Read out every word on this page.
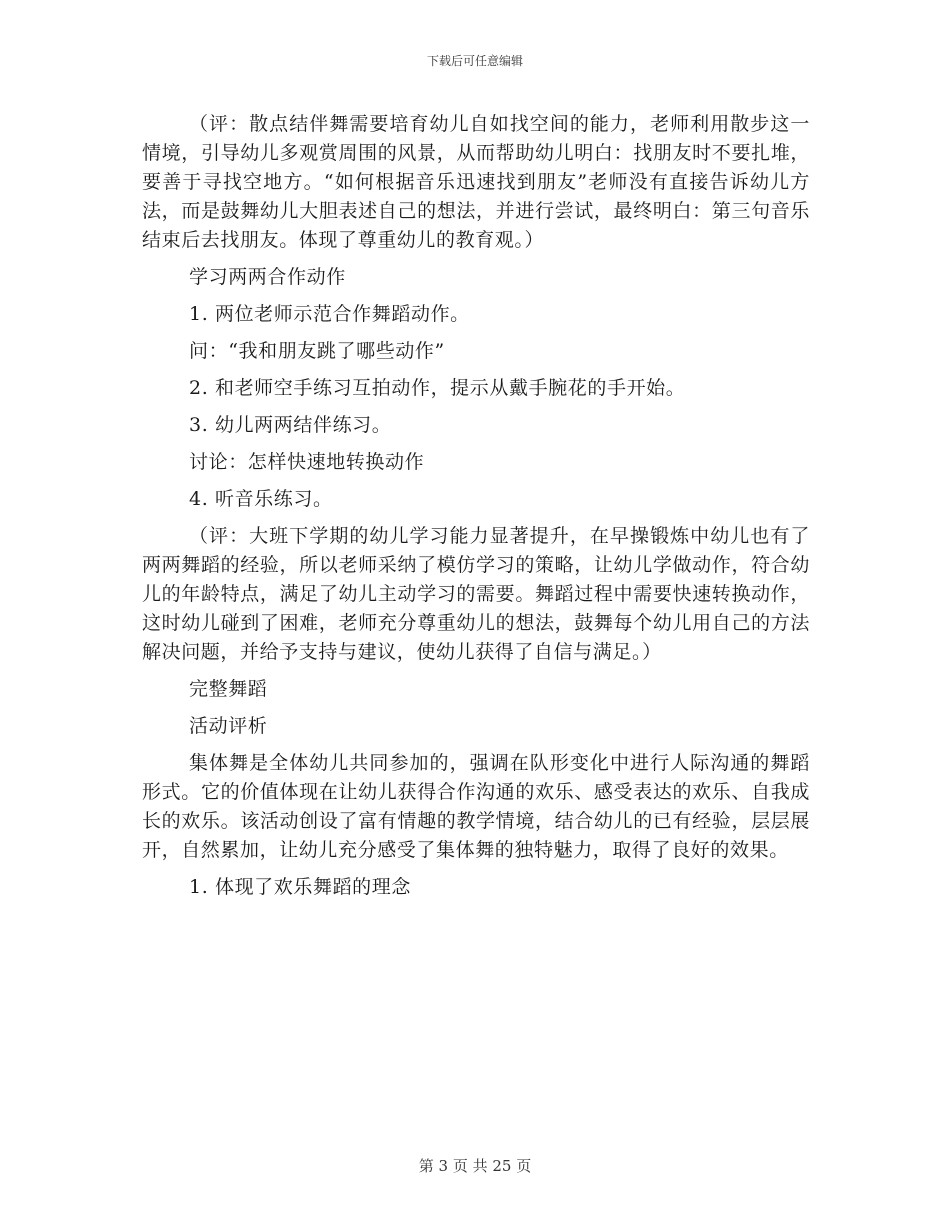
下载后可任意编辑

（评：散点结伴舞需要培育幼儿自如找空间的能力，老师利用散步这一情境，引导幼儿多观赏周围的风景，从而帮助幼儿明白：找朋友时不要扎堆，要善于寻找空地方。“如何根据音乐迅速找到朋友”老师没有直接告诉幼儿方法，而是鼓舞幼儿大胆表述自己的想法，并进行尝试，最终明白：第三句音乐结束后去找朋友。体现了尊重幼儿的教育观。）

学习两两合作动作

1. 两位老师示范合作舞蹈动作。

问：“我和朋友跳了哪些动作”

2. 和老师空手练习互拍动作，提示从戴手腕花的手开始。

3. 幼儿两两结伴练习。

讨论：怎样快速地转换动作

4. 听音乐练习。

（评：大班下学期的幼儿学习能力显著提升，在早操锻炼中幼儿也有了两两舞蹈的经验，所以老师采纳了模仿学习的策略，让幼儿学做动作，符合幼儿的年龄特点，满足了幼儿主动学习的需要。舞蹈过程中需要快速转换动作，这时幼儿碰到了困难，老师充分尊重幼儿的想法，鼓舞每个幼儿用自己的方法解决问题，并给予支持与建议，使幼儿获得了自信与满足。）

完整舞蹈

活动评析

集体舞是全体幼儿共同参加的，强调在队形变化中进行人际沟通的舞蹈形式。它的价值体现在让幼儿获得合作沟通的欢乐、感受表达的欢乐、自我成长的欢乐。该活动创设了富有情趣的教学情境，结合幼儿的已有经验，层层展开，自然累加，让幼儿充分感受了集体舞的独特魅力，取得了良好的效果。

1. 体现了欢乐舞蹈的理念

第 3 页 共 25 页
